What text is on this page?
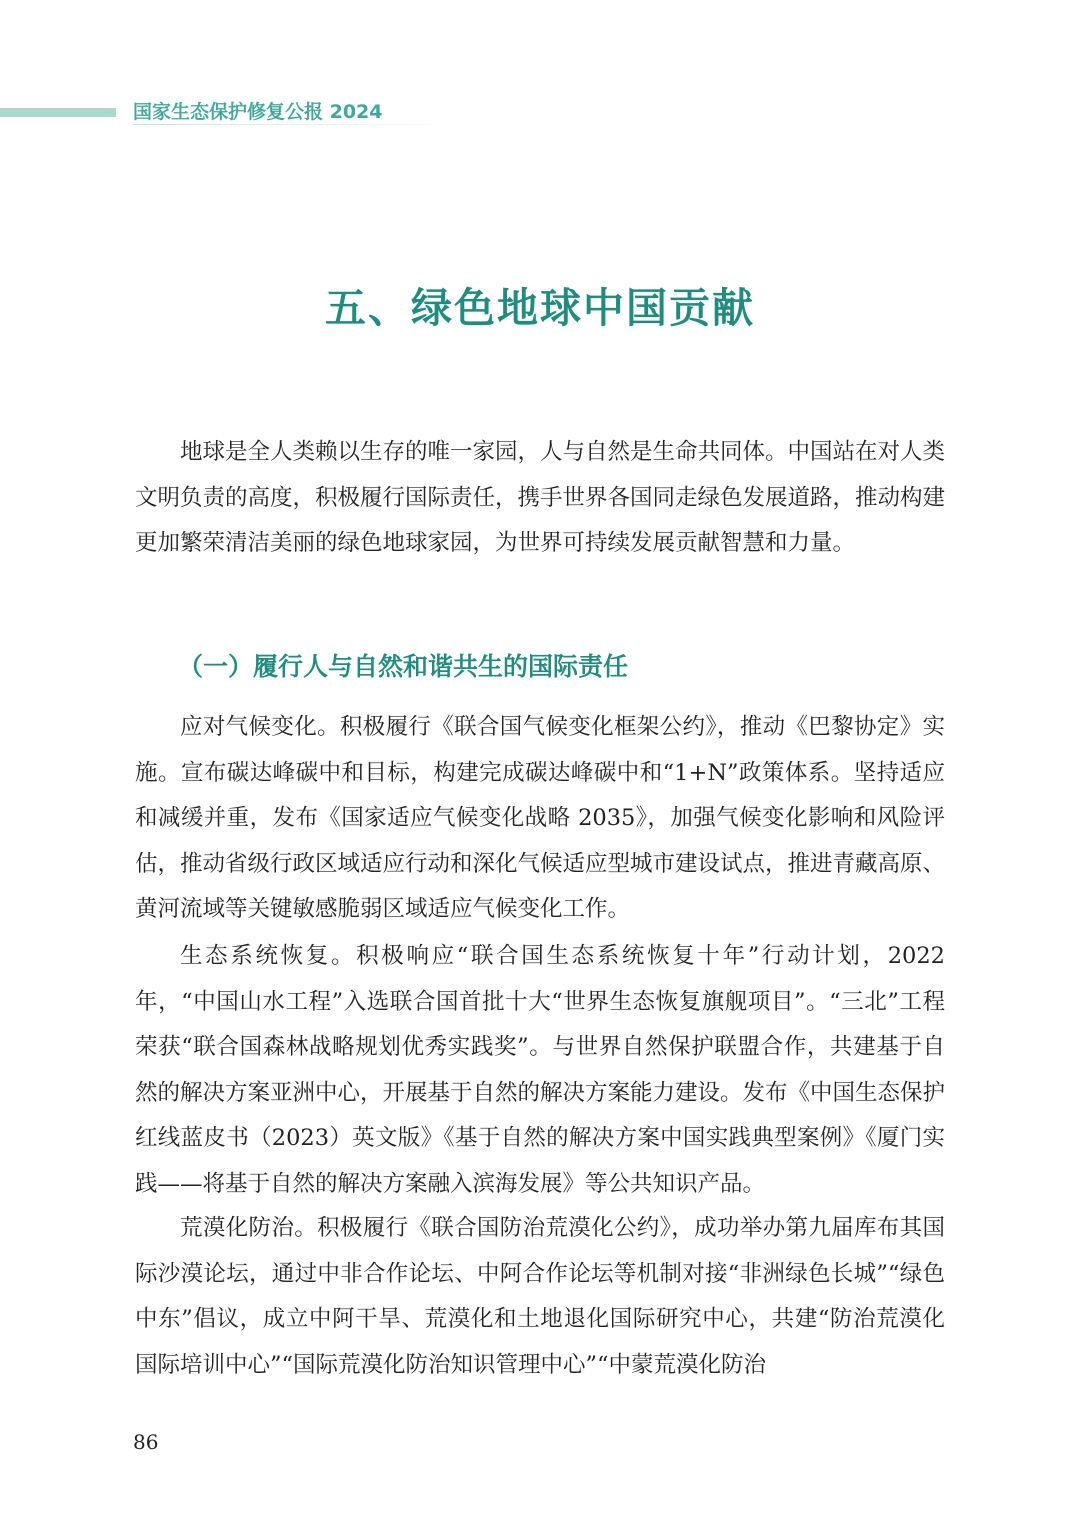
国家生态保护修复公报 2024
五、绿色地球中国贡献

地球是全人类赖以生存的唯一家园，人与自然是生命共同体。中国站在对人类文明负责的高度，积极履行国际责任，携手世界各国同走绿色发展道路，推动构建更加繁荣清洁美丽的绿色地球家园，为世界可持续发展贡献智慧和力量。

（一）履行人与自然和谐共生的国际责任

应对气候变化。积极履行《联合国气候变化框架公约》，推动《巴黎协定》实施。宣布碳达峰碳中和目标，构建完成碳达峰碳中和“1+N”政策体系。坚持适应和减缓并重，发布《国家适应气候变化战略 2035》，加强气候变化影响和风险评估，推动省级行政区域适应行动和深化气候适应型城市建设试点，推进青藏高原、黄河流域等关键敏感脆弱区域适应气候变化工作。

生态系统恢复。积极响应“联合国生态系统恢复十年”行动计划，2022 年，“中国山水工程”入选联合国首批十大“世界生态恢复旗舰项目”。“三北”工程荣获“联合国森林战略规划优秀实践奖”。与世界自然保护联盟合作，共建基于自然的解决方案亚洲中心，开展基于自然的解决方案能力建设。发布《中国生态保护红线蓝皮书（2023）英文版》《基于自然的解决方案中国实践典型案例》《厦门实践——将基于自然的解决方案融入滨海发展》等公共知识产品。

荒漠化防治。积极履行《联合国防治荒漠化公约》，成功举办第九届库布其国际沙漠论坛，通过中非合作论坛、中阿合作论坛等机制对接“非洲绿色长城”“绿色中东”倡议，成立中阿干旱、荒漠化和土地退化国际研究中心，共建“防治荒漠化国际培训中心”“国际荒漠化防治知识管理中心”“中蒙荒漠化防治

86
